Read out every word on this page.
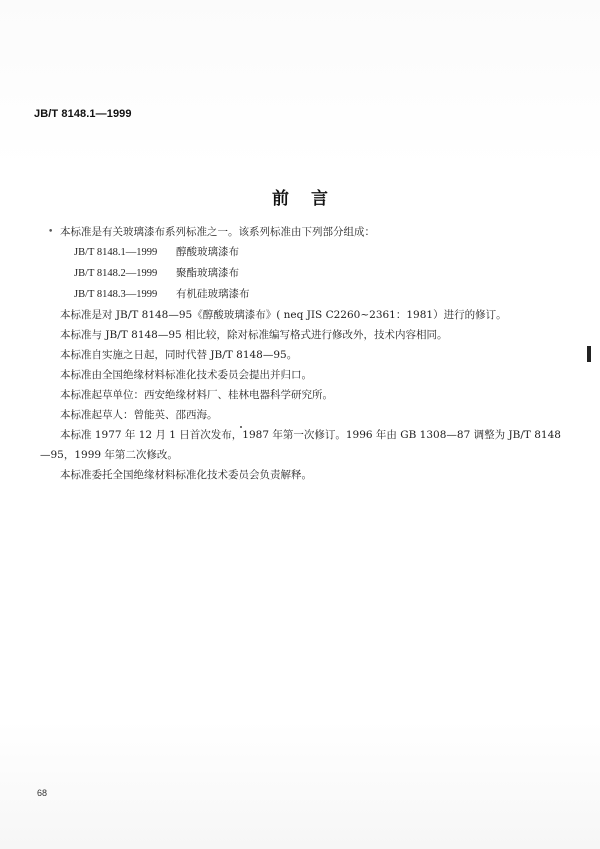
JB/T 8148.1—1999
前言
• 本标准是有关玻璃漆布系列标准之一。该系列标准由下列部分组成：
JB/T 8148.1—1999 醇酸玻璃漆布
JB/T 8148.2—1999 聚酯玻璃漆布
JB/T 8148.3—1999 有机硅玻璃漆布
本标准是对 JB/T 8148—95《醇酸玻璃漆布》( neq JIS C2260~2361：1981）进行的修订。
本标准与 JB/T 8148—95 相比较，除对标准编写格式进行修改外，技术内容相同。
本标准自实施之日起，同时代替 JB/T 8148—95。
本标准由全国绝缘材料标准化技术委员会提出并归口。
本标准起草单位：西安绝缘材料厂、桂林电器科学研究所。
本标准起草人：曾能英、邵西海。
本标准 1977 年 12 月 1 日首次发布，1987 年第一次修订。1996 年由 GB 1308—87 调整为 JB/T 8148
—95，1999 年第二次修改。
本标准委托全国绝缘材料标准化技术委员会负责解释。
68
